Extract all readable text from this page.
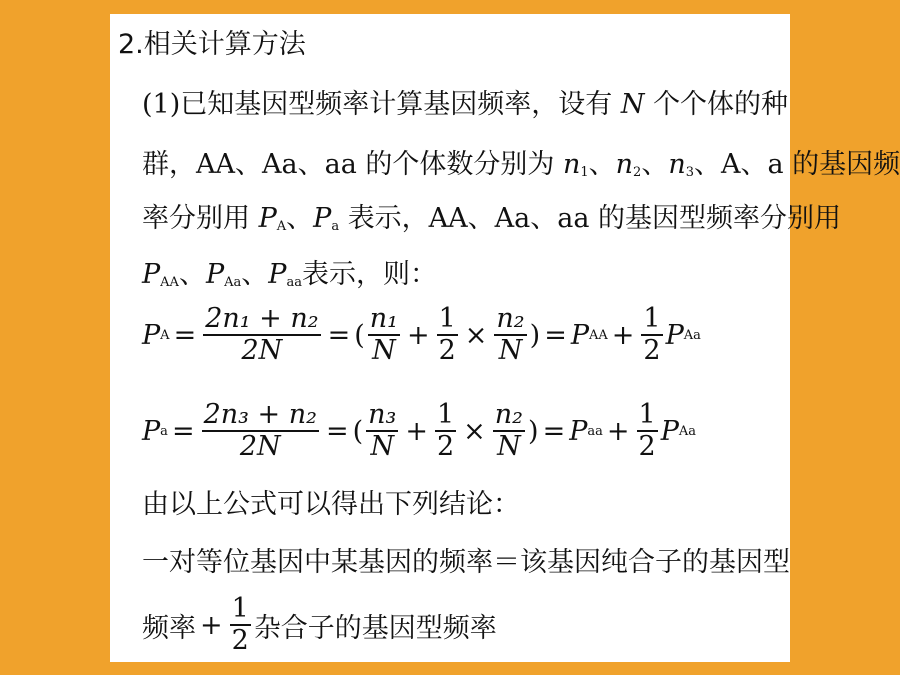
2.相关计算方法
(1)已知基因型频率计算基因频率，设有 N 个个体的种
群，AA、Aa、aa 的个体数分别为 $n_1$、$n_2$、$n_3$、A、a 的基因频
率分别用 $P_A$、$P_a$ 表示，AA、Aa、aa 的基因型频率分别用
$P_{AA}$、$P_{Aa}$、$P_{aa}$表示，则：
P $A = \frac{\text{2n₁ + n₂}}{2N}$ = ( $\frac{\text{n₁}}{N} + \frac{1}{2} \times \frac{\text{n₂}}{N}$ ) = P AA + $\frac{1}{2}$ P Aa
P $a = \frac{\text{2n₃ + n₂}}{2N}$ = ( $\frac{\text{n₃}}{N} + \frac{1}{2} \times \frac{\text{n₂}}{N}$ ) = P aa + $\frac{1}{2}$ P Aa
由以上公式可以得出下列结论：
一对等位基因中某基因的频率＝该基因纯合子的基因型
频率 + $\frac{1}{2}$ 杂合子的基因型频率
